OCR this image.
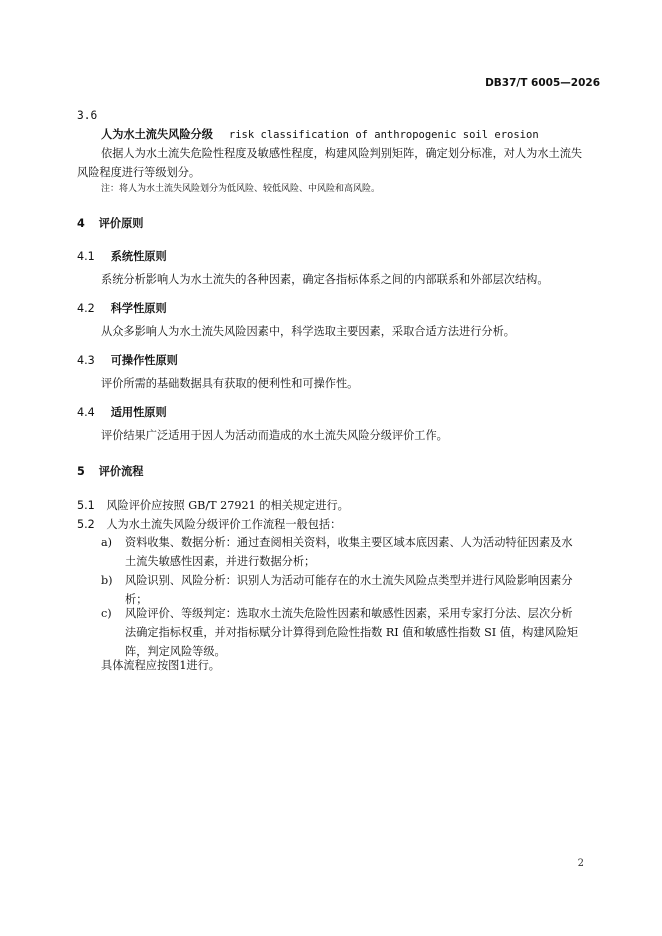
DB37/T 6005—2026
3.6
人为水土流失风险分级 risk classification of anthropogenic soil erosion
依据人为水土流失危险性程度及敏感性程度，构建风险判别矩阵，确定划分标准，对人为水土流失
风险程度进行等级划分。
注：将人为水土流失风险划分为低风险、较低风险、中风险和高风险。
4 评价原则
4.1 系统性原则
系统分析影响人为水土流失的各种因素，确定各指标体系之间的内部联系和外部层次结构。
4.2 科学性原则
从众多影响人为水土流失风险因素中，科学选取主要因素，采取合适方法进行分析。
4.3 可操作性原则
评价所需的基础数据具有获取的便利性和可操作性。
4.4 适用性原则
评价结果广泛适用于因人为活动而造成的水土流失风险分级评价工作。
5 评价流程
5.1 风险评价应按照 GB/T 27921 的相关规定进行。
5.2 人为水土流失风险分级评价工作流程一般包括：
a) 资料收集、数据分析：通过查阅相关资料，收集主要区域本底因素、人为活动特征因素及水
土流失敏感性因素，并进行数据分析；
b) 风险识别、风险分析：识别人为活动可能存在的水土流失风险点类型并进行风险影响因素分
析；
c) 风险评价、等级判定：选取水土流失危险性因素和敏感性因素，采用专家打分法、层次分析
法确定指标权重，并对指标赋分计算得到危险性指数 RI 值和敏感性指数 SI 值，构建风险矩
阵，判定风险等级。
具体流程应按图1进行。
2
